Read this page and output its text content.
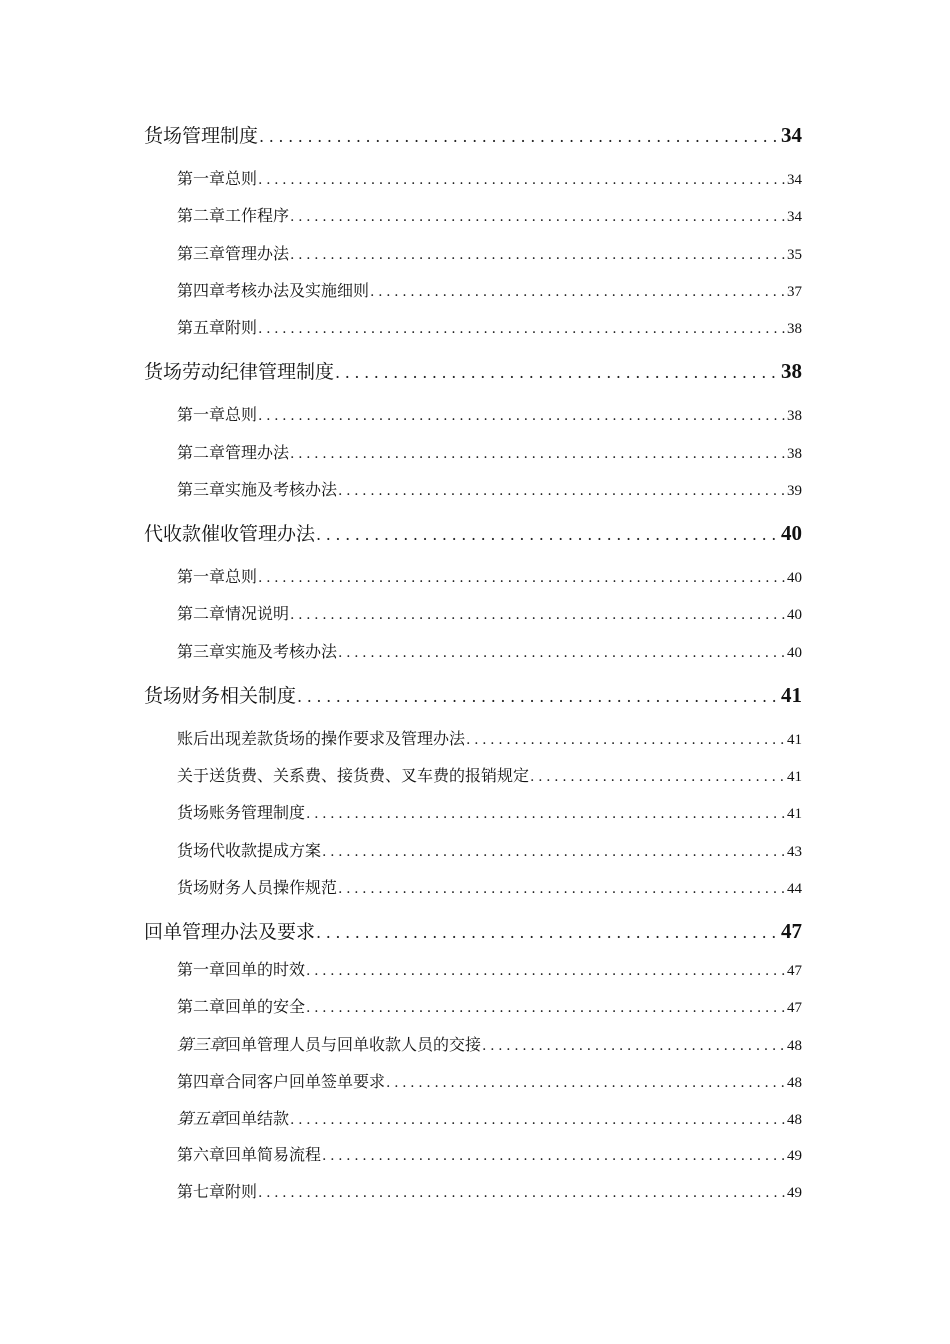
货场管理制度 .....	34
第一章总则 .....	34
第二章工作程序 .....	34
第三章管理办法 .....	35
第四章考核办法及实施细则 .....	37
第五章附则 .....	38
货场劳动纪律管理制度 .....	38
第一章总则 .....	38
第二章管理办法 .....	38
第三章实施及考核办法 .....	39
代收款催收管理办法 .....	40
第一章总则 .....	40
第二章情况说明 .....	40
第三章实施及考核办法 .....	40
货场财务相关制度 .....	41
账后出现差款货场的操作要求及管理办法 .....	41
关于送货费、关系费、接货费、叉车费的报销规定 .....	41
货场账务管理制度 .....	41
货场代收款提成方案 .....	43
货场财务人员操作规范 .....	44
回单管理办法及要求 .....	47
第一章回单的时效 .....	47
第二章回单的安全 .....	47
第三章回单管理人员与回单收款人员的交接 .....	48
第四章合同客户回单签单要求 .....	48
第五章回单结款 .....	48
第六章回单简易流程 .....	49
第七章附则 .....	49
